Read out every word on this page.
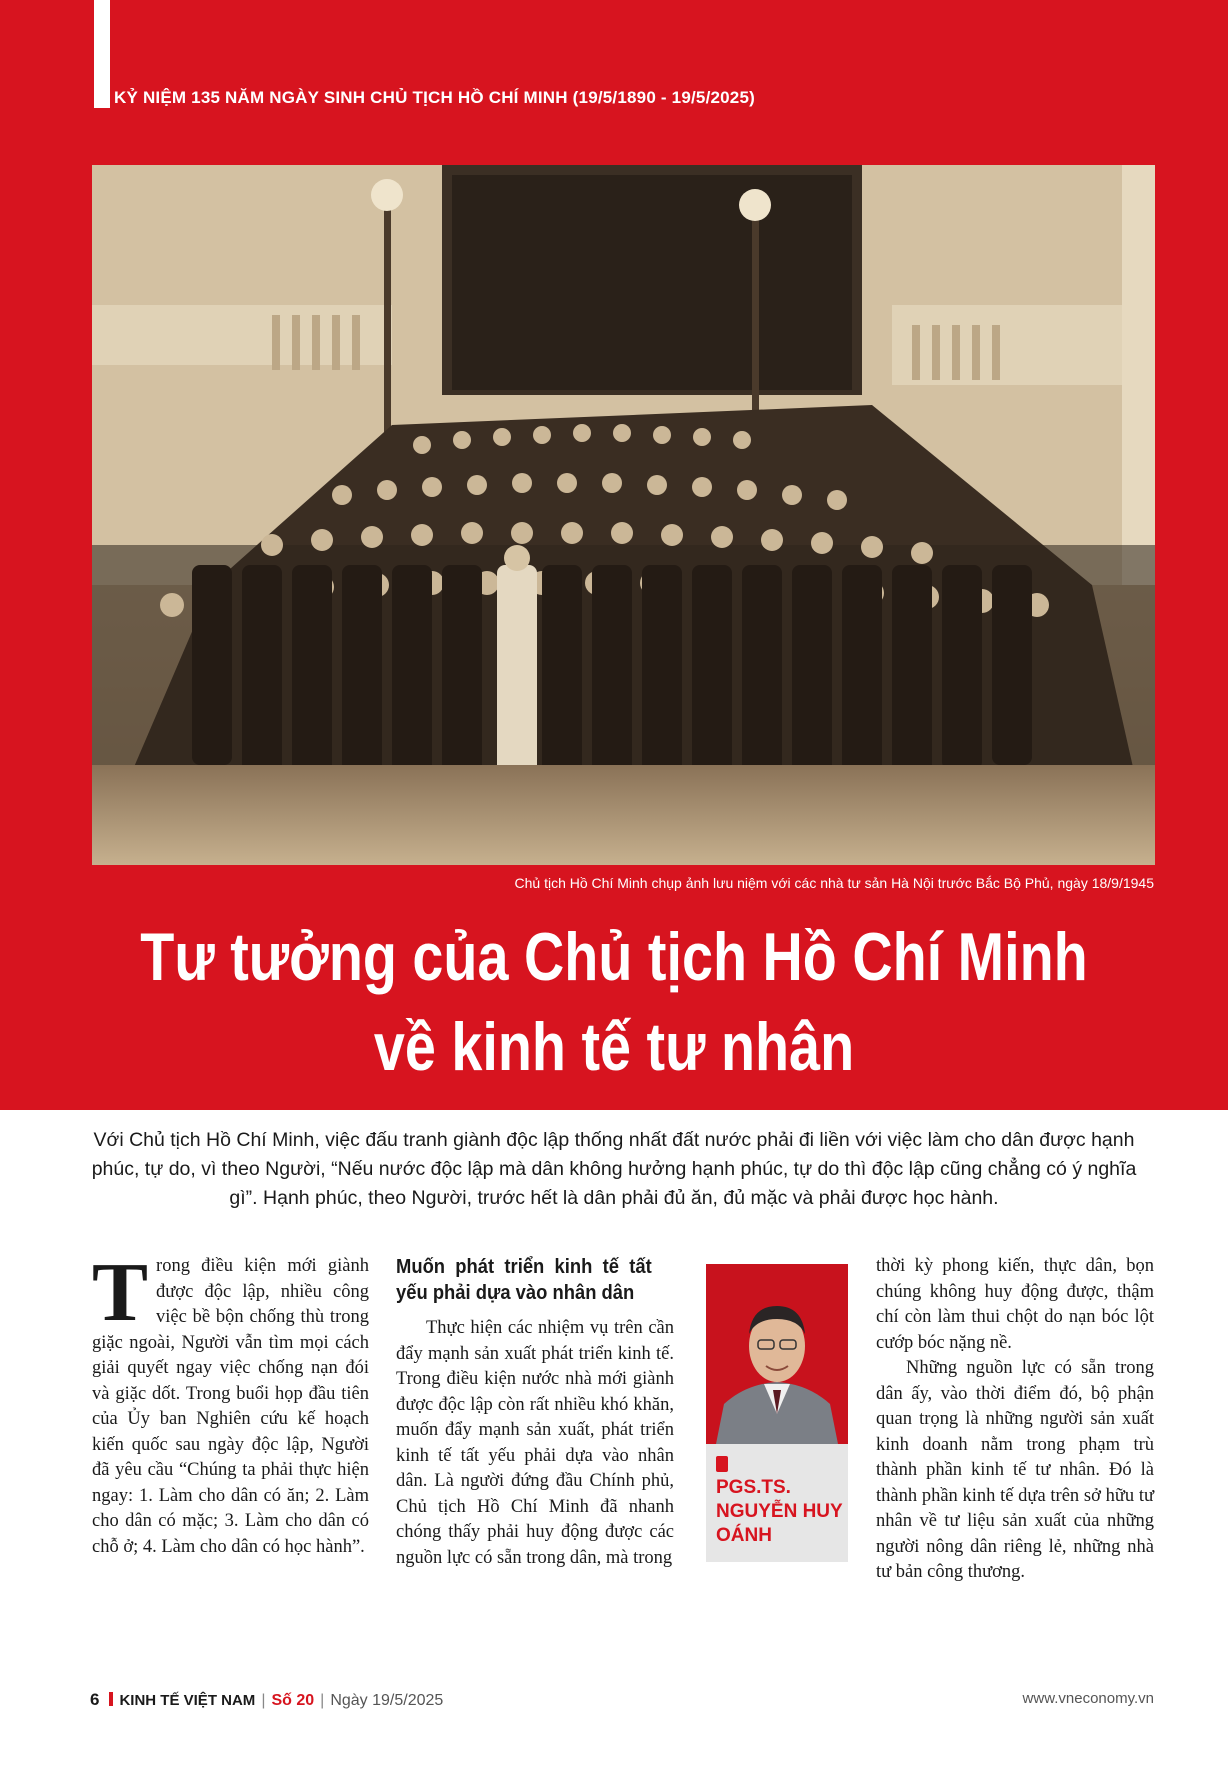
KỶ NIỆM 135 NĂM NGÀY SINH CHỦ TỊCH HỒ CHÍ MINH (19/5/1890 - 19/5/2025)
Chủ tịch Hồ Chí Minh chụp ảnh lưu niệm với các nhà tư sản Hà Nội trước Bắc Bộ Phủ, ngày 18/9/1945
Tư tưởng của Chủ tịch Hồ Chí Minh
về kinh tế tư nhân

Với Chủ tịch Hồ Chí Minh, việc đấu tranh giành độc lập thống nhất đất nước phải đi liền với việc làm cho dân được hạnh phúc, tự do, vì theo Người, “Nếu nước độc lập mà dân không hưởng hạnh phúc, tự do thì độc lập cũng chẳng có ý nghĩa gì”. Hạnh phúc, theo Người, trước hết là dân phải đủ ăn, đủ mặc và phải được học hành.

Trong điều kiện mới giành được độc lập, nhiều công việc bề bộn chống thù trong giặc ngoài, Người vẫn tìm mọi cách giải quyết ngay việc chống nạn đói và giặc dốt. Trong buổi họp đầu tiên của Ủy ban Nghiên cứu kế hoạch kiến quốc sau ngày độc lập, Người đã yêu cầu “Chúng ta phải thực hiện ngay: 1. Làm cho dân có ăn; 2. Làm cho dân có mặc; 3. Làm cho dân có chỗ ở; 4. Làm cho dân có học hành”.

Muốn phát triển kinh tế tất yếu phải dựa vào nhân dân

Thực hiện các nhiệm vụ trên cần đẩy mạnh sản xuất phát triển kinh tế. Trong điều kiện nước nhà mới giành được độc lập còn rất nhiều khó khăn, muốn đẩy mạnh sản xuất, phát triển kinh tế tất yếu phải dựa vào nhân dân. Là người đứng đầu Chính phủ, Chủ tịch Hồ Chí Minh đã nhanh chóng thấy phải huy động được các nguồn lực có sẵn trong dân, mà trong

PGS.TS. NGUYỄN HUY OÁNH

thời kỳ phong kiến, thực dân, bọn chúng không huy động được, thậm chí còn làm thui chột do nạn bóc lột cướp bóc nặng nề.

Những nguồn lực có sẵn trong dân ấy, vào thời điểm đó, bộ phận quan trọng là những người sản xuất kinh doanh nằm trong phạm trù thành phần kinh tế tư nhân. Đó là thành phần kinh tế dựa trên sở hữu tư nhân về tư liệu sản xuất của những người nông dân riêng lẻ, những nhà tư bản công thương.

6 KINH TẾ VIỆT NAM | Số 20 | Ngày 19/5/2025	www.vneconomy.vn
